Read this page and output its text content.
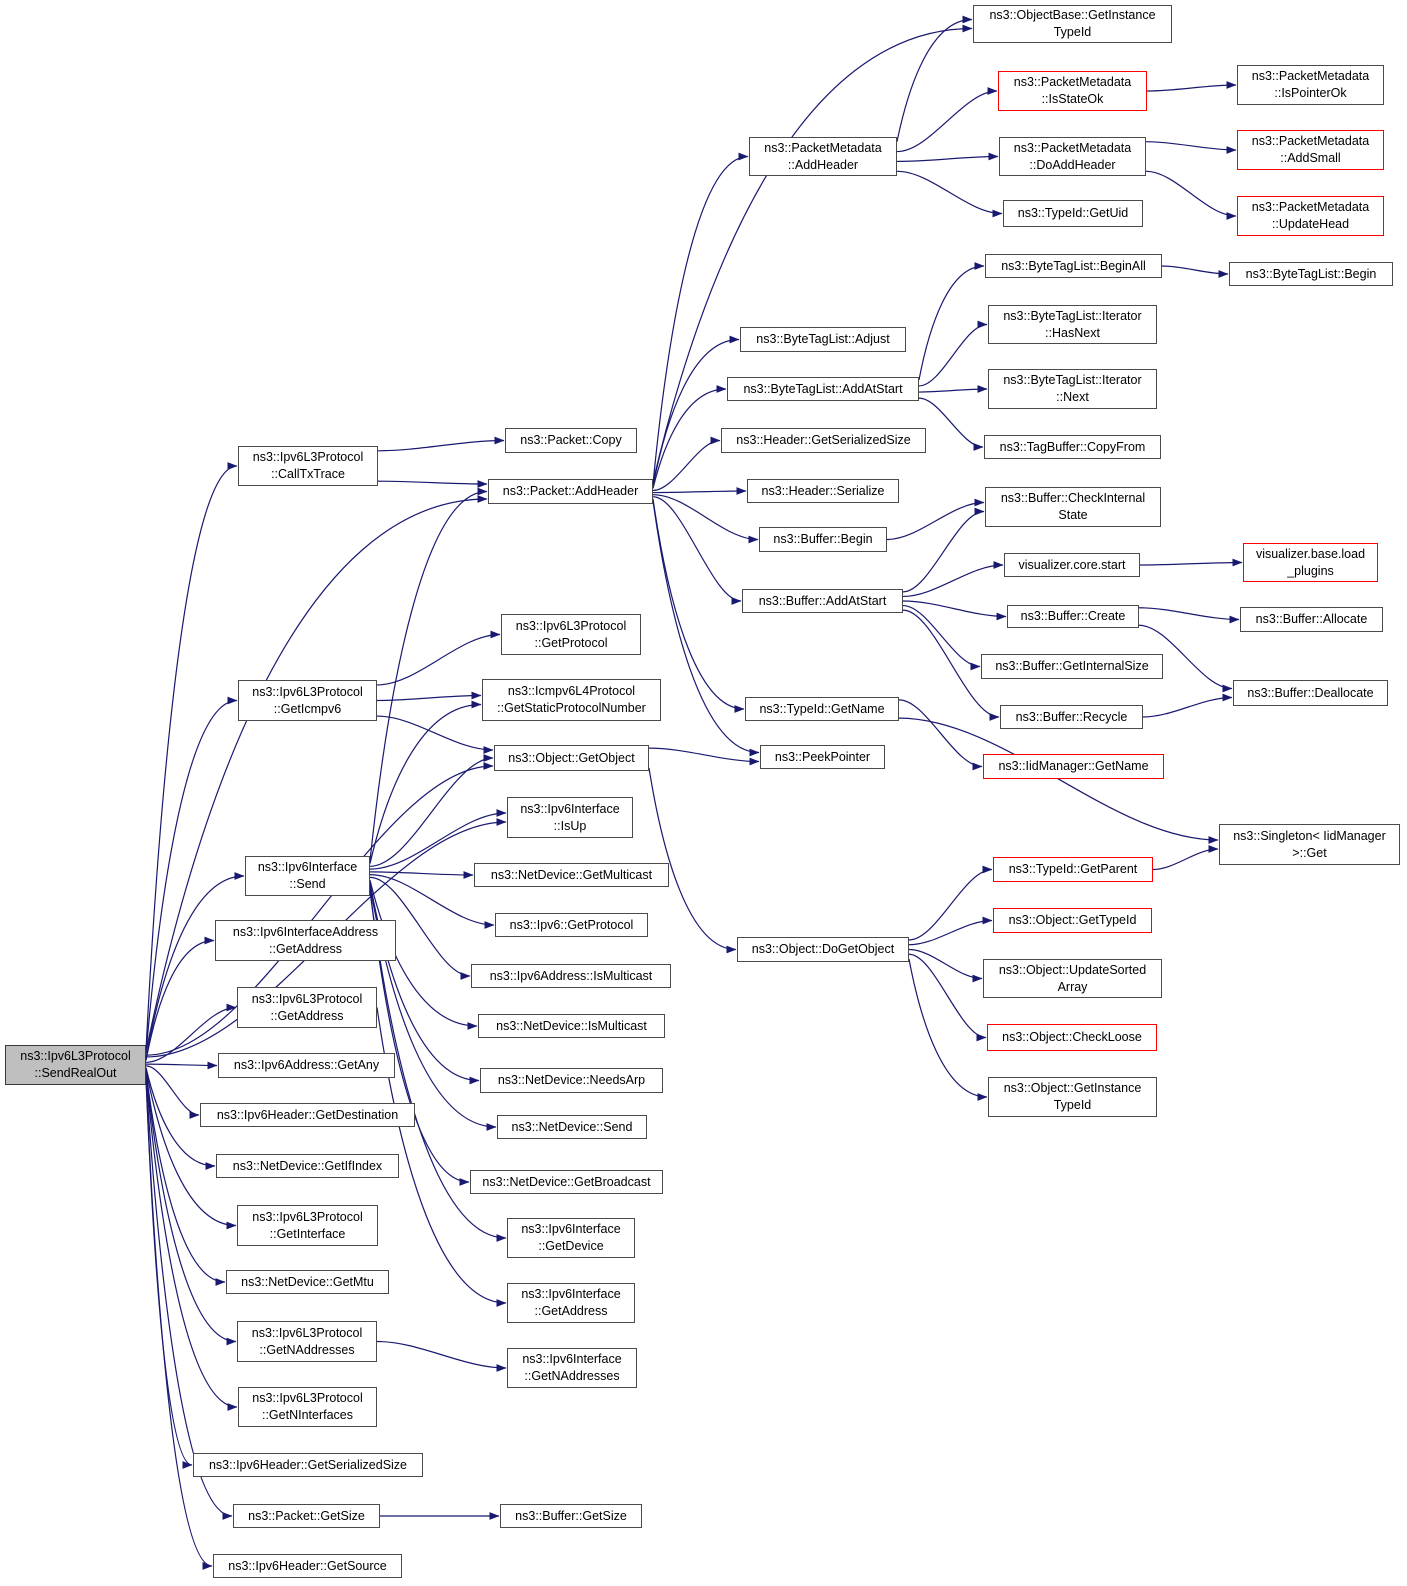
ns3::Ipv6L3Protocol
::SendRealOut
ns3::Ipv6L3Protocol
::CallTxTrace
ns3::Packet::Copy
ns3::Packet::AddHeader
ns3::Ipv6L3Protocol
::GetIcmpv6
ns3::Ipv6L3Protocol
::GetProtocol
ns3::Icmpv6L4Protocol
::GetStaticProtocolNumber
ns3::Object::GetObject
ns3::Ipv6Interface
::IsUp
ns3::Ipv6Interface
::Send
ns3::NetDevice::GetMulticast
ns3::Ipv6::GetProtocol
ns3::Ipv6InterfaceAddress
::GetAddress
ns3::Ipv6Address::IsMulticast
ns3::Ipv6L3Protocol
::GetAddress
ns3::NetDevice::IsMulticast
ns3::Ipv6Address::GetAny
ns3::NetDevice::NeedsArp
ns3::Ipv6Header::GetDestination
ns3::NetDevice::Send
ns3::NetDevice::GetIfIndex
ns3::NetDevice::GetBroadcast
ns3::Ipv6L3Protocol
::GetInterface	ns3::Ipv6Interface
::GetDevice
ns3::NetDevice::GetMtu
ns3::Ipv6Interface
::GetAddress
ns3::Ipv6L3Protocol
::GetNAddresses
ns3::Ipv6Interface
::GetNAddresses
ns3::Ipv6L3Protocol
::GetNInterfaces
ns3::Ipv6Header::GetSerializedSize
ns3::Packet::GetSize	ns3::Buffer::GetSize
ns3::Ipv6Header::GetSource
ns3::PacketMetadata
::AddHeader
ns3::ByteTagList::Adjust
ns3::ByteTagList::AddAtStart
ns3::Header::GetSerializedSize
ns3::Header::Serialize
ns3::Buffer::Begin
ns3::Buffer::AddAtStart
ns3::TypeId::GetName
ns3::PeekPointer
ns3::Object::DoGetObject
ns3::ObjectBase::GetInstance
TypeId
ns3::PacketMetadata
::IsStateOk
ns3::PacketMetadata
::DoAddHeader
ns3::TypeId::GetUid
ns3::ByteTagList::BeginAll
ns3::ByteTagList::Iterator
::HasNext
ns3::ByteTagList::Iterator
::Next
ns3::TagBuffer::CopyFrom
ns3::Buffer::CheckInternal
State
visualizer.core.start
ns3::Buffer::Create
ns3::Buffer::GetInternalSize
ns3::Buffer::Recycle
ns3::IidManager::GetName
ns3::TypeId::GetParent
ns3::Object::GetTypeId
ns3::Object::UpdateSorted
Array
ns3::Object::CheckLoose
ns3::Object::GetInstance
TypeId
ns3::PacketMetadata
::IsPointerOk
ns3::PacketMetadata
::AddSmall
ns3::PacketMetadata
::UpdateHead
ns3::ByteTagList::Begin
visualizer.base.load
_plugins
ns3::Buffer::Allocate
ns3::Buffer::Deallocate
ns3::Singleton< IidManager
>::Get
